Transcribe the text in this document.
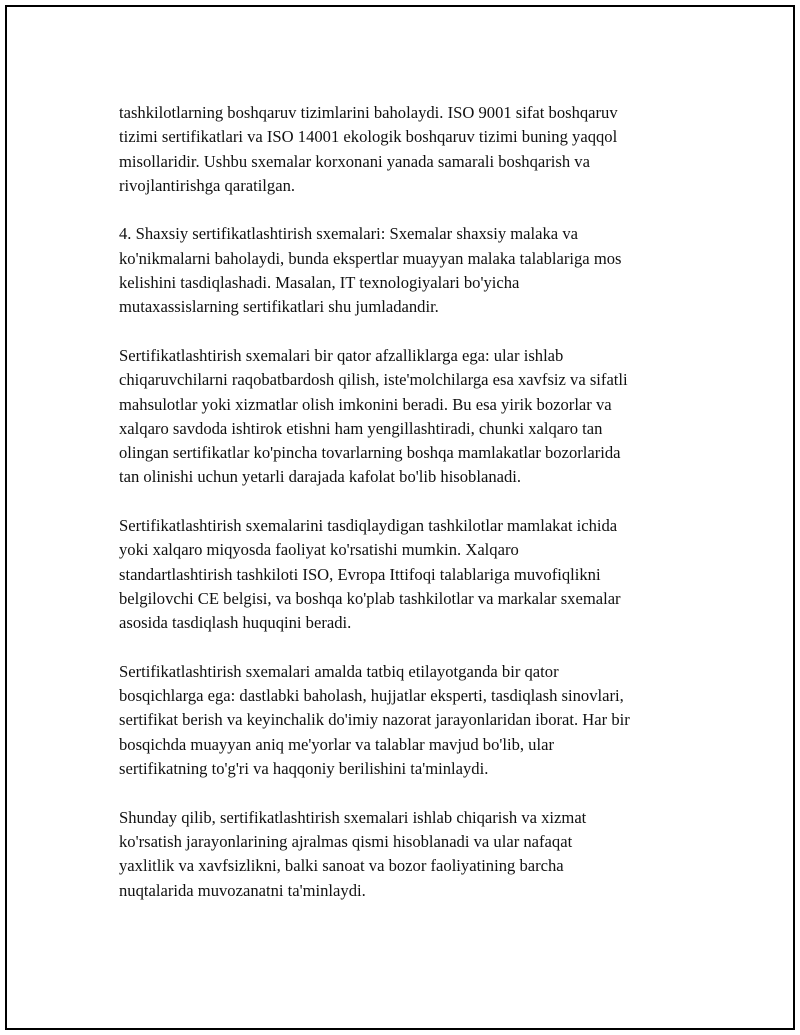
tashkilotlarning boshqaruv tizimlarini baholaydi. ISO 9001 sifat boshqaruv
tizimi sertifikatlari va ISO 14001 ekologik boshqaruv tizimi buning yaqqol
misollaridir. Ushbu sxemalar korxonani yanada samarali boshqarish va
rivojlantirishga qaratilgan.

4. Shaxsiy sertifikatlashtirish sxemalari: Sxemalar shaxsiy malaka va
ko'nikmalarni baholaydi, bunda ekspertlar muayyan malaka talablariga mos
kelishini tasdiqlashadi. Masalan, IT texnologiyalari bo'yicha
mutaxassislarning sertifikatlari shu jumladandir.

Sertifikatlashtirish sxemalari bir qator afzalliklarga ega: ular ishlab
chiqaruvchilarni raqobatbardosh qilish, iste'molchilarga esa xavfsiz va sifatli
mahsulotlar yoki xizmatlar olish imkonini beradi. Bu esa yirik bozorlar va
xalqaro savdoda ishtirok etishni ham yengillashtiradi, chunki xalqaro tan
olingan sertifikatlar ko'pincha tovarlarning boshqa mamlakatlar bozorlarida
tan olinishi uchun yetarli darajada kafolat bo'lib hisoblanadi.

Sertifikatlashtirish sxemalarini tasdiqlaydigan tashkilotlar mamlakat ichida
yoki xalqaro miqyosda faoliyat ko'rsatishi mumkin. Xalqaro
standartlashtirish tashkiloti ISO, Evropa Ittifoqi talablariga muvofiqlikni
belgilovchi CE belgisi, va boshqa ko'plab tashkilotlar va markalar sxemalar
asosida tasdiqlash huquqini beradi.

Sertifikatlashtirish sxemalari amalda tatbiq etilayotganda bir qator
bosqichlarga ega: dastlabki baholash, hujjatlar eksperti, tasdiqlash sinovlari,
sertifikat berish va keyinchalik do'imiy nazorat jarayonlaridan iborat. Har bir
bosqichda muayyan aniq me'yorlar va talablar mavjud bo'lib, ular
sertifikatning to'g'ri va haqqoniy berilishini ta'minlaydi.

Shunday qilib, sertifikatlashtirish sxemalari ishlab chiqarish va xizmat
ko'rsatish jarayonlarining ajralmas qismi hisoblanadi va ular nafaqat
yaxlitlik va xavfsizlikni, balki sanoat va bozor faoliyatining barcha
nuqtalarida muvozanatni ta'minlaydi.
